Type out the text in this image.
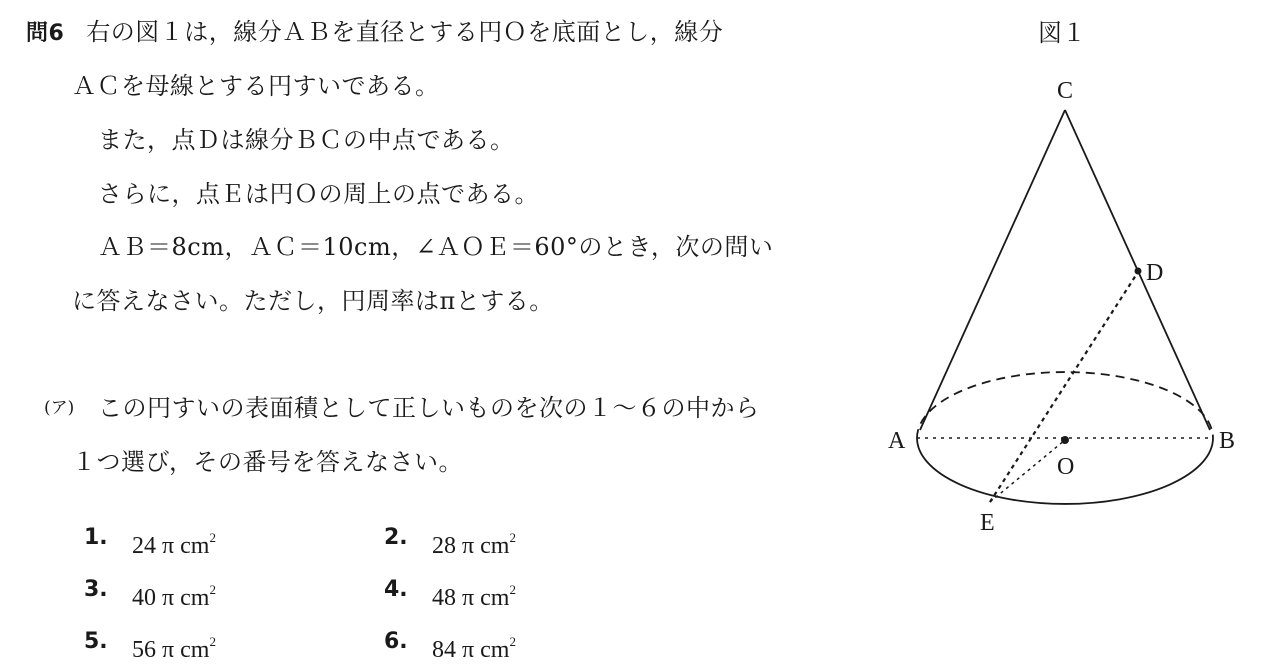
問6 右の図１は，線分ＡＢを直径とする円Ｏを底面とし，線分
ＡＣを母線とする円すいである。
また，点Ｄは線分ＢＣの中点である。
さらに，点Ｅは円Ｏの周上の点である。
ＡＢ＝8cm，ＡＣ＝10cm，∠ＡＯＥ＝60°のとき，次の問い
に答えなさい。ただし，円周率はπとする。
(ア) この円すいの表面積として正しいものを次の１～６の中から
１つ選び，その番号を答えなさい。
1. 24 π $cm^2$	2. 28 π $cm^2$
3. 40 π $cm^2$	4. 48 π $cm^2$
5. 56 π $cm^2$	6. 84 π $cm^2$
図１
C
D
A	B
O
E
